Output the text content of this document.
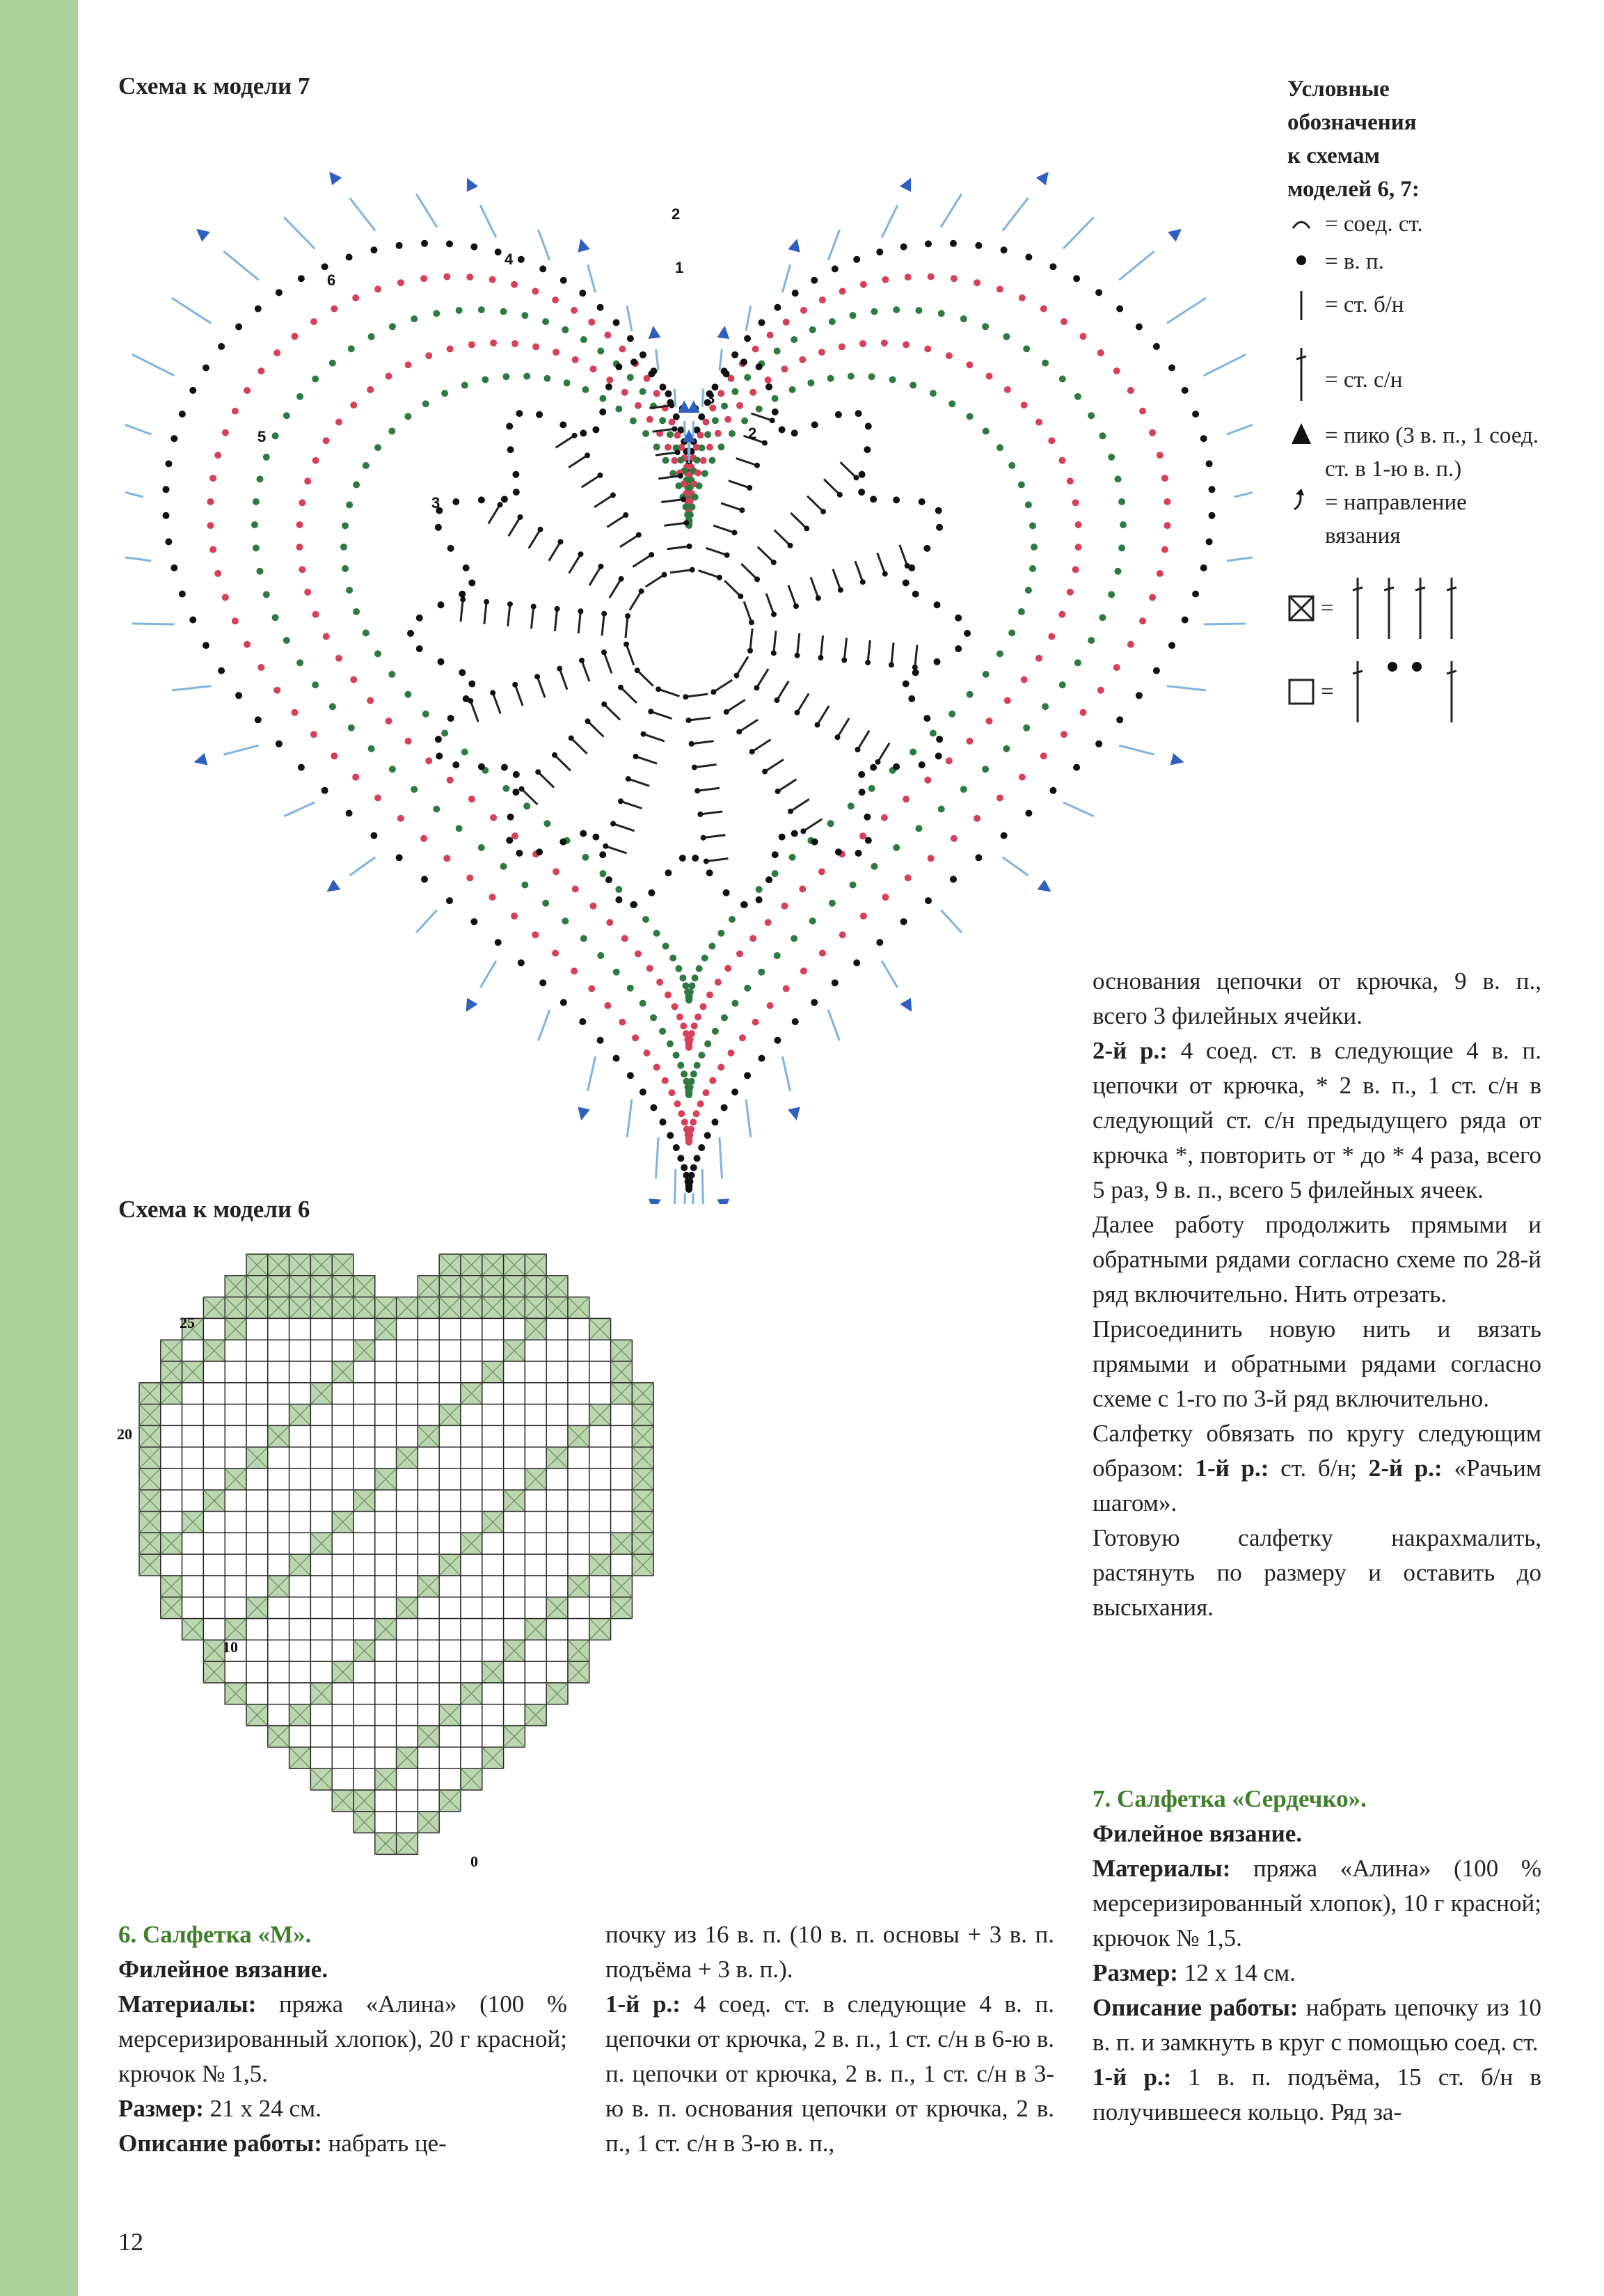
Схема к модели 7
1
2
3
2
3
4
5
6
Условные
обозначения
к схемам
моделей 6, 7:
= соед. ст.
= в. п.
= ст. б/н
= ст. с/н
= пико (3 в. п., 1 соед. ст. в 1-ю в. п.)
= направление вязания
=
=
Схема к модели 6
25
20
10
0

основания цепочки от крючка, 9 в. п., всего 3 филейных ячейки.

2-й р.: 4 соед. ст. в следующие 4 в. п. цепочки от крючка, * 2 в. п., 1 ст. с/н в следующий ст. с/н предыдущего ряда от крючка *, повторить от * до * 4 раза, всего 5 раз, 9 в. п., всего 5 филейных ячеек.

Далее работу продолжить прямыми и обратными рядами согласно схеме по 28-й ряд включительно. Нить отрезать.

Присоединить новую нить и вязать прямыми и обратными рядами согласно схеме с 1-го по 3-й ряд включительно.

Салфетку обвязать по кругу следующим образом: 1-й р.: ст. б/н; 2-й р.: «Рачьим шагом».

Готовую салфетку накрахмалить, растянуть по размеру и оставить до высыхания.

7. Салфетка «Сердечко».

Филейное вязание.

Материалы: пряжа «Алина» (100 % мерсеризированный хлопок), 10 г красной; крючок № 1,5.

Размер: 12 x 14 см.

Описание работы: набрать цепочку из 10 в. п. и замкнуть в круг с помощью соед. ст.

1-й р.: 1 в. п. подъёма, 15 ст. б/н в получившееся кольцо. Ряд за-

6. Салфетка «М».

Филейное вязание.

Материалы: пряжа «Алина» (100 % мерсеризированный хлопок), 20 г красной; крючок № 1,5.

Размер: 21 x 24 см.

Описание работы: набрать це-

почку из 16 в. п. (10 в. п. основы + 3 в. п. подъёма + 3 в. п.).

1-й р.: 4 соед. ст. в следующие 4 в. п. цепочки от крючка, 2 в. п., 1 ст. с/н в 6-ю в. п. цепочки от крючка, 2 в. п., 1 ст. с/н в 3-ю в. п. основания цепочки от крючка, 2 в. п., 1 ст. с/н в 3-ю в. п.,

12
